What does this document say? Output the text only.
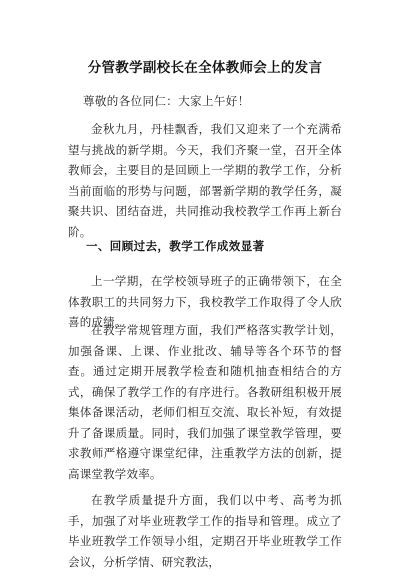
分管教学副校长在全体教师会上的发言
尊敬的各位同仁：大家上午好！

金秋九月，丹桂飘香，我们又迎来了一个充满希望与挑战的新学期。今天，我们齐聚一堂，召开全体教师会，主要目的是回顾上一学期的教学工作，分析当前面临的形势与问题，部署新学期的教学任务，凝聚共识、团结奋进，共同推动我校教学工作再上新台阶。

一、回顾过去，教学工作成效显著

上一学期，在学校领导班子的正确带领下，在全体教职工的共同努力下，我校教学工作取得了令人欣喜的成绩。

在教学常规管理方面，我们严格落实教学计划，加强备课、上课、作业批改、辅导等各个环节的督查。通过定期开展教学检查和随机抽查相结合的方式，确保了教学工作的有序进行。各教研组积极开展集体备课活动，老师们相互交流、取长补短，有效提升了备课质量。同时，我们加强了课堂教学管理，要求教师严格遵守课堂纪律，注重教学方法的创新，提高课堂教学效率。

在教学质量提升方面，我们以中考、高考为抓手，加强了对毕业班教学工作的指导和管理。成立了毕业班教学工作领导小组，定期召开毕业班教学工作会议，分析学情、研究教法，
